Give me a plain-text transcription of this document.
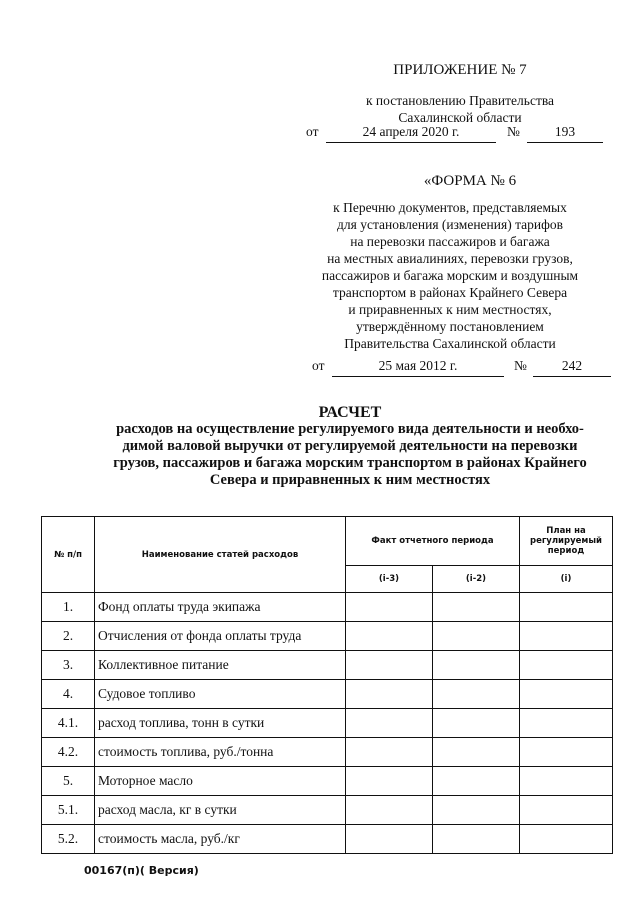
ПРИЛОЖЕНИЕ № 7
к постановлению Правительства
Сахалинской области
от	24 апреля 2020 г.	№	193
«ФОРМА № 6
к Перечню документов, представляемых
для установления (изменения) тарифов
на перевозки пассажиров и багажа
на местных авиалиниях, перевозки грузов,
пассажиров и багажа морским и воздушным
транспортом в районах Крайнего Севера
и приравненных к ним местностях,
утверждённому постановлением
Правительства Сахалинской области
от	25 мая 2012 г.	№	242
РАСЧЕТ
расходов на осуществление регулируемого вида деятельности и необхо-
димой валовой выручки от регулируемой деятельности на перевозки
грузов, пассажиров и багажа морским транспортом в районах Крайнего
Севера и приравненных к ним местностях
№ п/п	Наименование статей расходов	Факт отчетного периода		План на регулируемый период
		(i-3)	(i-2)	(i)
1.	Фонд оплаты труда экипажа			
2.	Отчисления от фонда оплаты труда			
3.	Коллективное питание			
4.	Судовое топливо			
4.1.	расход топлива, тонн в сутки			
4.2.	стоимость топлива, руб./тонна			
5.	Моторное масло			
5.1.	расход масла, кг в сутки			
5.2.	стоимость масла, руб./кг			
00167(п)( Версия)
